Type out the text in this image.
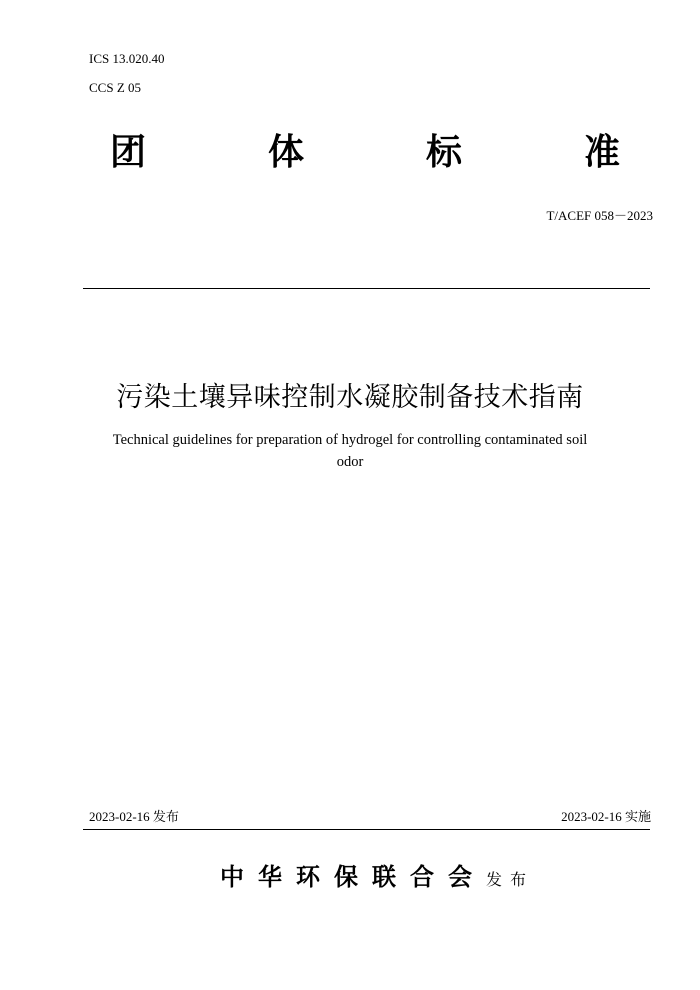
ICS 13.020.40
CCS Z 05
团	体	标	准
T/ACEF 058－2023
污染土壤异味控制水凝胶制备技术指南
Technical guidelines for preparation of hydrogel for controlling contaminated soil
odor
2023-02-16 发布	2023-02-16 实施
中华环保联合会 发布
